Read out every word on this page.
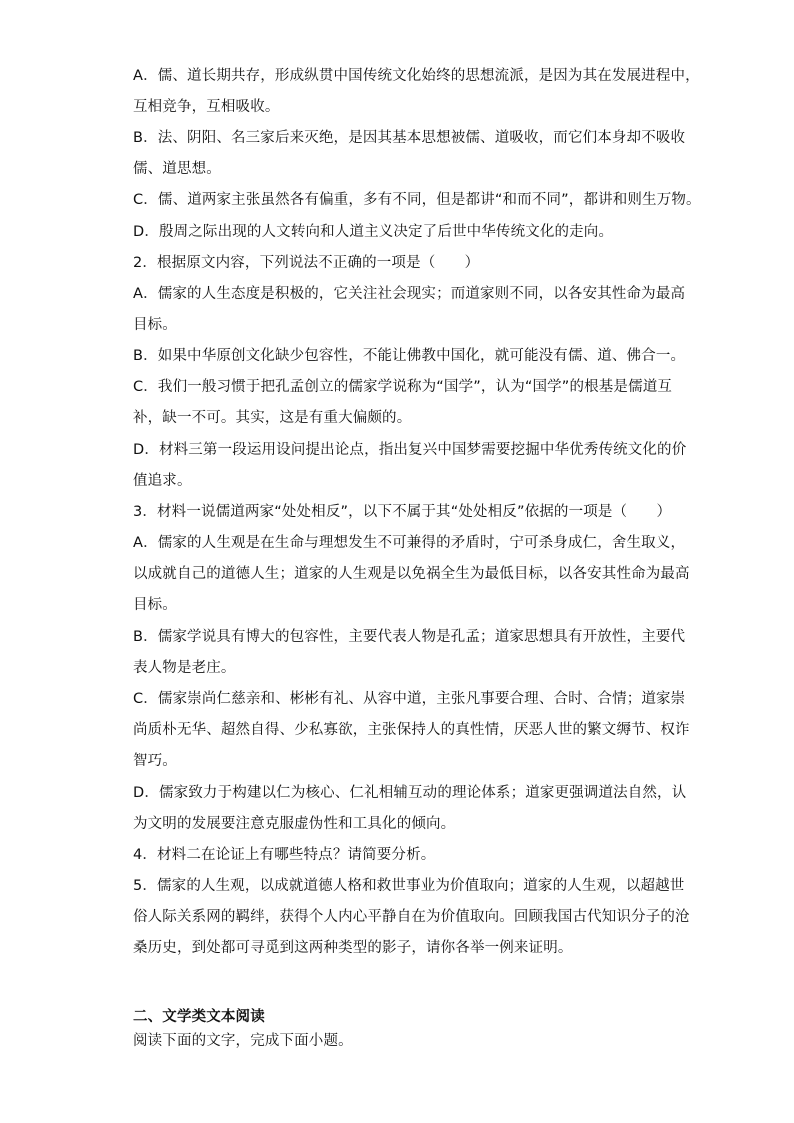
A．儒、道长期共存，形成纵贯中国传统文化始终的思想流派，是因为其在发展进程中，
互相竞争，互相吸收。
B．法、阴阳、名三家后来灭绝，是因其基本思想被儒、道吸收，而它们本身却不吸收
儒、道思想。
C．儒、道两家主张虽然各有偏重，多有不同，但是都讲“和而不同”，都讲和则生万物。
D．殷周之际出现的人文转向和人道主义决定了后世中华传统文化的走向。
2．根据原文内容，下列说法不正确的一项是（　　）
A．儒家的人生态度是积极的，它关注社会现实；而道家则不同，以各安其性命为最高
目标。
B．如果中华原创文化缺少包容性，不能让佛教中国化，就可能没有儒、道、佛合一。
C．我们一般习惯于把孔孟创立的儒家学说称为“国学”，认为“国学”的根基是儒道互
补，缺一不可。其实，这是有重大偏颇的。
D．材料三第一段运用设问提出论点，指出复兴中国梦需要挖掘中华优秀传统文化的价
值追求。
3．材料一说儒道两家“处处相反”，以下不属于其“处处相反”依据的一项是（　　）
A．儒家的人生观是在生命与理想发生不可兼得的矛盾时，宁可杀身成仁，舍生取义，
以成就自己的道德人生；道家的人生观是以免祸全生为最低目标，以各安其性命为最高
目标。
B．儒家学说具有博大的包容性，主要代表人物是孔孟；道家思想具有开放性，主要代
表人物是老庄。
C．儒家崇尚仁慈亲和、彬彬有礼、从容中道，主张凡事要合理、合时、合情；道家崇
尚质朴无华、超然自得、少私寡欲，主张保持人的真性情，厌恶人世的繁文缛节、权诈
智巧。
D．儒家致力于构建以仁为核心、仁礼相辅互动的理论体系；道家更强调道法自然，认
为文明的发展要注意克服虚伪性和工具化的倾向。
4．材料二在论证上有哪些特点？请简要分析。
5．儒家的人生观，以成就道德人格和救世事业为价值取向；道家的人生观，以超越世
俗人际关系网的羁绊，获得个人内心平静自在为价值取向。回顾我国古代知识分子的沧
桑历史，到处都可寻觅到这两种类型的影子，请你各举一例来证明。
二、文学类文本阅读
阅读下面的文字，完成下面小题。
